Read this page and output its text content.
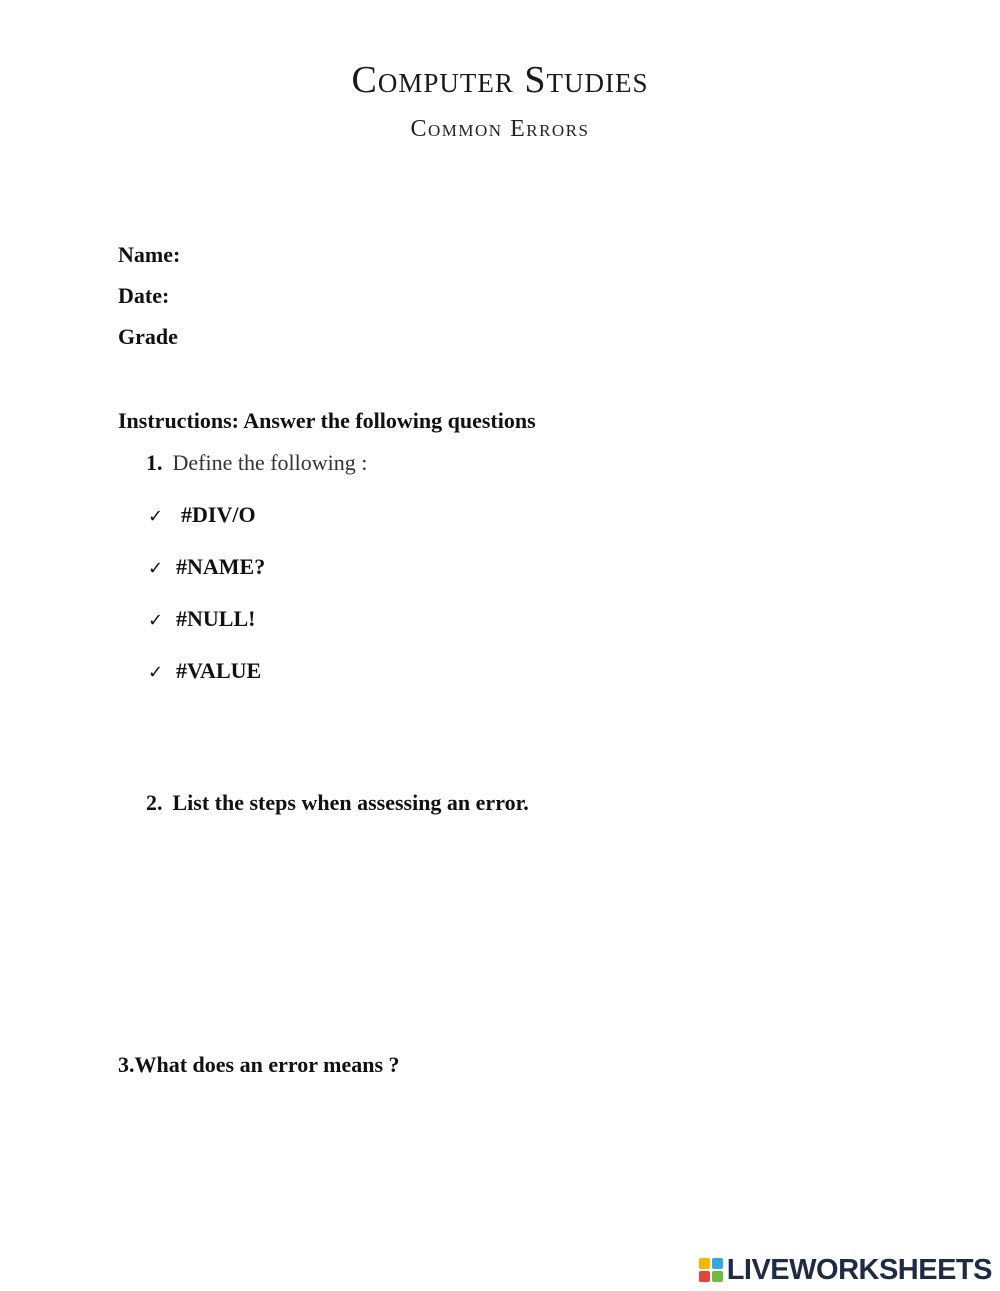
Computer Studies
Common Errors
Name:
Date:
Grade
Instructions: Answer the following questions
1. Define the following :
✓ #DIV/O
✓ #NAME?
✓ #NULL!
✓ #VALUE
2. List the steps when assessing an error.
3.What does an error means ?
LIVEWORKSHEETS
